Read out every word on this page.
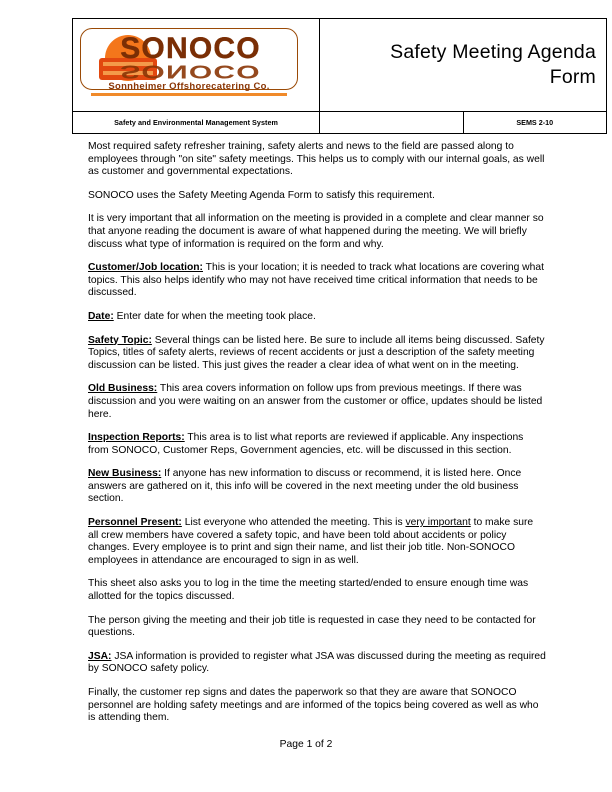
SONOCO
SONOCO
Sonnheimer Offshorecatering Co.

Safety Meeting Agenda
Form

Safety and Environmental Management System		SEMS 2-10

Most required safety refresher training, safety alerts and news to the field are passed along to employees through "on site" safety meetings. This helps us to comply with our internal goals, as well as customer and governmental expectations.

SONOCO uses the Safety Meeting Agenda Form to satisfy this requirement.

It is very important that all information on the meeting is provided in a complete and clear manner so that anyone reading the document is aware of what happened during the meeting. We will briefly discuss what type of information is required on the form and why.

Customer/Job location: This is your location; it is needed to track what locations are covering what topics. This also helps identify who may not have received time critical information that needs to be discussed.

Date: Enter date for when the meeting took place.

Safety Topic: Several things can be listed here. Be sure to include all items being discussed. Safety Topics, titles of safety alerts, reviews of recent accidents or just a description of the safety meeting discussion can be listed. This just gives the reader a clear idea of what went on in the meeting.

Old Business: This area covers information on follow ups from previous meetings. If there was discussion and you were waiting on an answer from the customer or office, updates should be listed here.

Inspection Reports: This area is to list what reports are reviewed if applicable. Any inspections from SONOCO, Customer Reps, Government agencies, etc. will be discussed in this section.

New Business: If anyone has new information to discuss or recommend, it is listed here. Once answers are gathered on it, this info will be covered in the next meeting under the old business section.

Personnel Present: List everyone who attended the meeting. This is very important to make sure all crew members have covered a safety topic, and have been told about accidents or policy changes. Every employee is to print and sign their name, and list their job title. Non-SONOCO employees in attendance are encouraged to sign in as well.

This sheet also asks you to log in the time the meeting started/ended to ensure enough time was allotted for the topics discussed.

The person giving the meeting and their job title is requested in case they need to be contacted for questions.

JSA: JSA information is provided to register what JSA was discussed during the meeting as required by SONOCO safety policy.

Finally, the customer rep signs and dates the paperwork so that they are aware that SONOCO personnel are holding safety meetings and are informed of the topics being covered as well as who is attending them.

Page 1 of 2
